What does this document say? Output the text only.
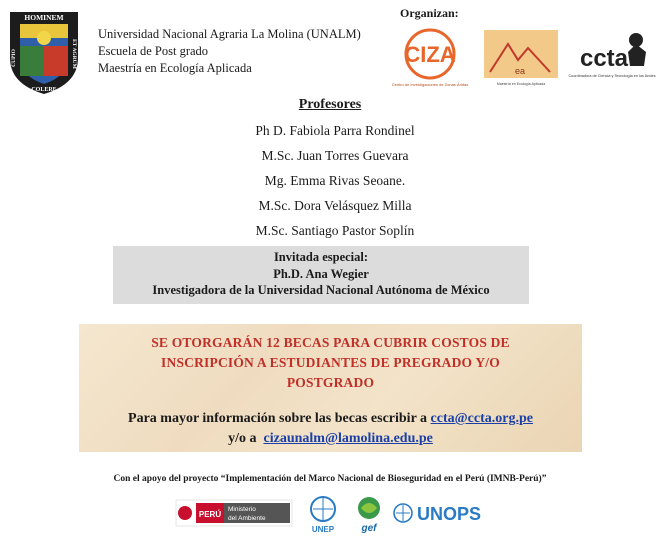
HOMINEM
CUPIO	ET AGRUM
COLERE
Universidad Nacional Agraria La Molina (UNALM)
Escuela de Post grado
Maestría en Ecología Aplicada
Organizan:
CIZA
Centro de Investigaciones de Zonas Áridas
ea
Maestría en Ecología Aplicada
ccta
Coordinadora de Ciencia y Tecnología en los Andes
Profesores
Ph D. Fabiola Parra Rondinel
M.Sc. Juan Torres Guevara
Mg. Emma Rivas Seoane.
M.Sc. Dora Velásquez Milla
M.Sc. Santiago Pastor Soplín
Invitada especial:
Ph.D. Ana Wegier
Investigadora de la Universidad Nacional Autónoma de México
SE OTORGARÁN 12 BECAS PARA CUBRIR COSTOS DE
INSCRIPCIÓN A ESTUDIANTES DE PREGRADO Y/O
POSTGRADO
Para mayor información sobre las becas escribir a ccta@ccta.org.pe
y/o a cizaunalm@lamolina.edu.pe
Con el apoyo del proyecto “Implementación del Marco Nacional de Bioseguridad en el Perú (IMNB-Perú)”
PERÚ
Ministerio
del Ambiente
UNEP	gef
UNOPS
